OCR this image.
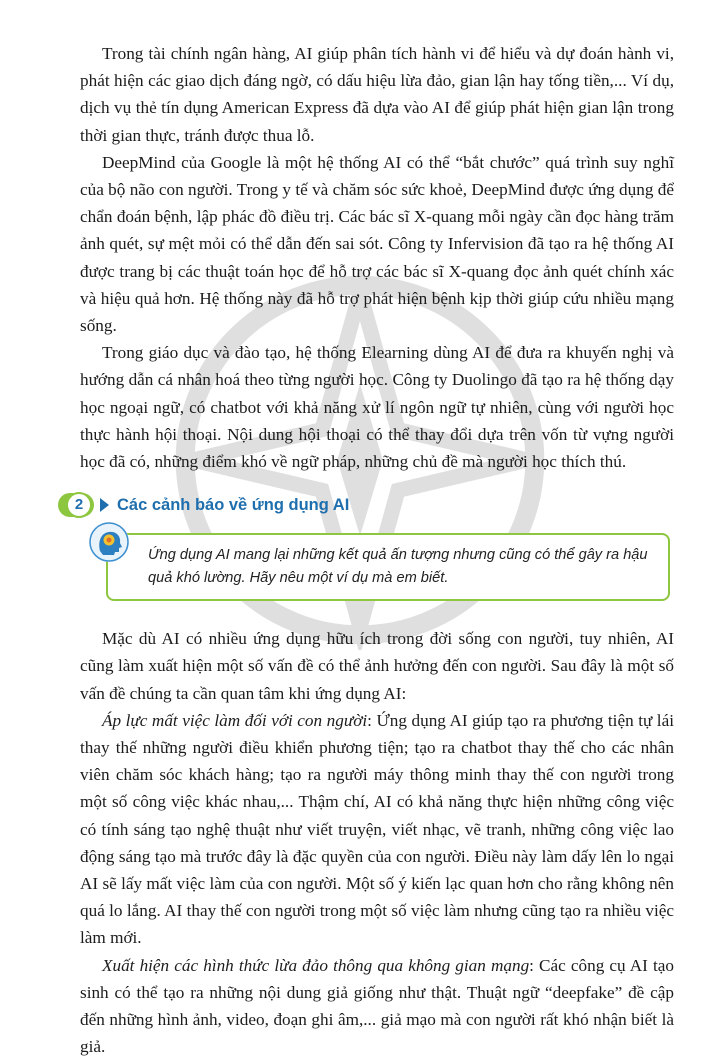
Trong tài chính ngân hàng, AI giúp phân tích hành vi để hiểu và dự đoán hành vi, phát hiện các giao dịch đáng ngờ, có dấu hiệu lừa đảo, gian lận hay tống tiền,... Ví dụ, dịch vụ thẻ tín dụng American Express đã dựa vào AI để giúp phát hiện gian lận trong thời gian thực, tránh được thua lỗ.

DeepMind của Google là một hệ thống AI có thể “bắt chước” quá trình suy nghĩ của bộ não con người. Trong y tế và chăm sóc sức khoẻ, DeepMind được ứng dụng để chẩn đoán bệnh, lập phác đồ điều trị. Các bác sĩ X-quang mỗi ngày cần đọc hàng trăm ảnh quét, sự mệt mỏi có thể dẫn đến sai sót. Công ty Infervision đã tạo ra hệ thống AI được trang bị các thuật toán học để hỗ trợ các bác sĩ X-quang đọc ảnh quét chính xác và hiệu quả hơn. Hệ thống này đã hỗ trợ phát hiện bệnh kịp thời giúp cứu nhiều mạng sống.

Trong giáo dục và đào tạo, hệ thống Elearning dùng AI để đưa ra khuyến nghị và hướng dẫn cá nhân hoá theo từng người học. Công ty Duolingo đã tạo ra hệ thống dạy học ngoại ngữ, có chatbot với khả năng xử lí ngôn ngữ tự nhiên, cùng với người học thực hành hội thoại. Nội dung hội thoại có thể thay đổi dựa trên vốn từ vựng người học đã có, những điểm khó về ngữ pháp, những chủ đề mà người học thích thú.

2	Các cảnh báo về ứng dụng AI
Ứng dụng AI mang lại những kết quả ấn tượng nhưng cũng có thể gây ra hậu quả khó lường. Hãy nêu một ví dụ mà em biết.

Mặc dù AI có nhiều ứng dụng hữu ích trong đời sống con người, tuy nhiên, AI cũng làm xuất hiện một số vấn đề có thể ảnh hưởng đến con người. Sau đây là một số vấn đề chúng ta cần quan tâm khi ứng dụng AI:

Áp lực mất việc làm đối với con người: Ứng dụng AI giúp tạo ra phương tiện tự lái thay thế những người điều khiển phương tiện; tạo ra chatbot thay thế cho các nhân viên chăm sóc khách hàng; tạo ra người máy thông minh thay thế con người trong một số công việc khác nhau,... Thậm chí, AI có khả năng thực hiện những công việc có tính sáng tạo nghệ thuật như viết truyện, viết nhạc, vẽ tranh, những công việc lao động sáng tạo mà trước đây là đặc quyền của con người. Điều này làm dấy lên lo ngại AI sẽ lấy mất việc làm của con người. Một số ý kiến lạc quan hơn cho rằng không nên quá lo lắng. AI thay thế con người trong một số việc làm nhưng cũng tạo ra nhiều việc làm mới.

Xuất hiện các hình thức lừa đảo thông qua không gian mạng: Các công cụ AI tạo sinh có thể tạo ra những nội dung giả giống như thật. Thuật ngữ “deepfake” đề cập đến những hình ảnh, video, đoạn ghi âm,... giả mạo mà con người rất khó nhận biết là giả.
